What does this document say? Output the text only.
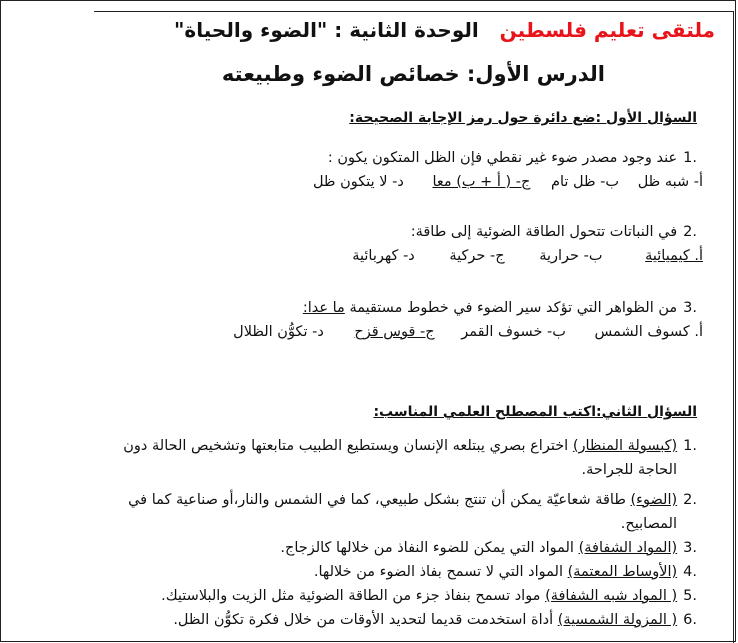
ملتقى تعليم فلسطين   الوحدة الثانية : "الضوء والحياة"
الدرس الأول: خصائص الضوء وطبيعته
السؤال الأول :ضع دائرة حول رمز الإجابة الصحيحة:
.1عند وجود مصدر ضوء غير نقطي فإن الظل المتكون يكون :
أ- شبه ظل ب- ظل تام ج- ( أ + ب) معا د- لا يتكون ظل
.2في النباتات تتحول الطاقة الضوئية إلى طاقة:
أ. كيميائية ب- حرارية ج- حركية د- كهربائية
.3من الظواهر التي تؤكد سير الضوء في خطوط مستقيمة ما عدا:
أ. كسوف الشمس ب- خسوف القمر ج- قوس قزح د- تكوُّن الظلال
السؤال الثاني:اكتب المصطلح العلمي المناسب:
.1(كبسولة المنظار) اختراع بصري يبتلعه الإنسان ويستطيع الطبيب متابعتها وتشخيص الحالة دون
الحاجة للجراحة.
.2(الضوء) طاقة شعاعيّة يمكن أن تنتج بشكل طبيعي، كما في الشمس والنار،أو صناعية كما في
المصابيح.
.3(المواد الشفافة) المواد التي يمكن للضوء النفاذ من خلالها كالزجاج.
.4(الأوساط المعتمة) المواد التي لا تسمح بفاذ الضوء من خلالها.
.5( المواد شبه الشفافة) مواد تسمح بنفاذ جزء من الطاقة الضوئية مثل الزيت والبلاستيك.
.6( المزولة الشمسية) أداة استخدمت قديما لتحديد الأوقات من خلال فكرة تكوُّن الظل.
